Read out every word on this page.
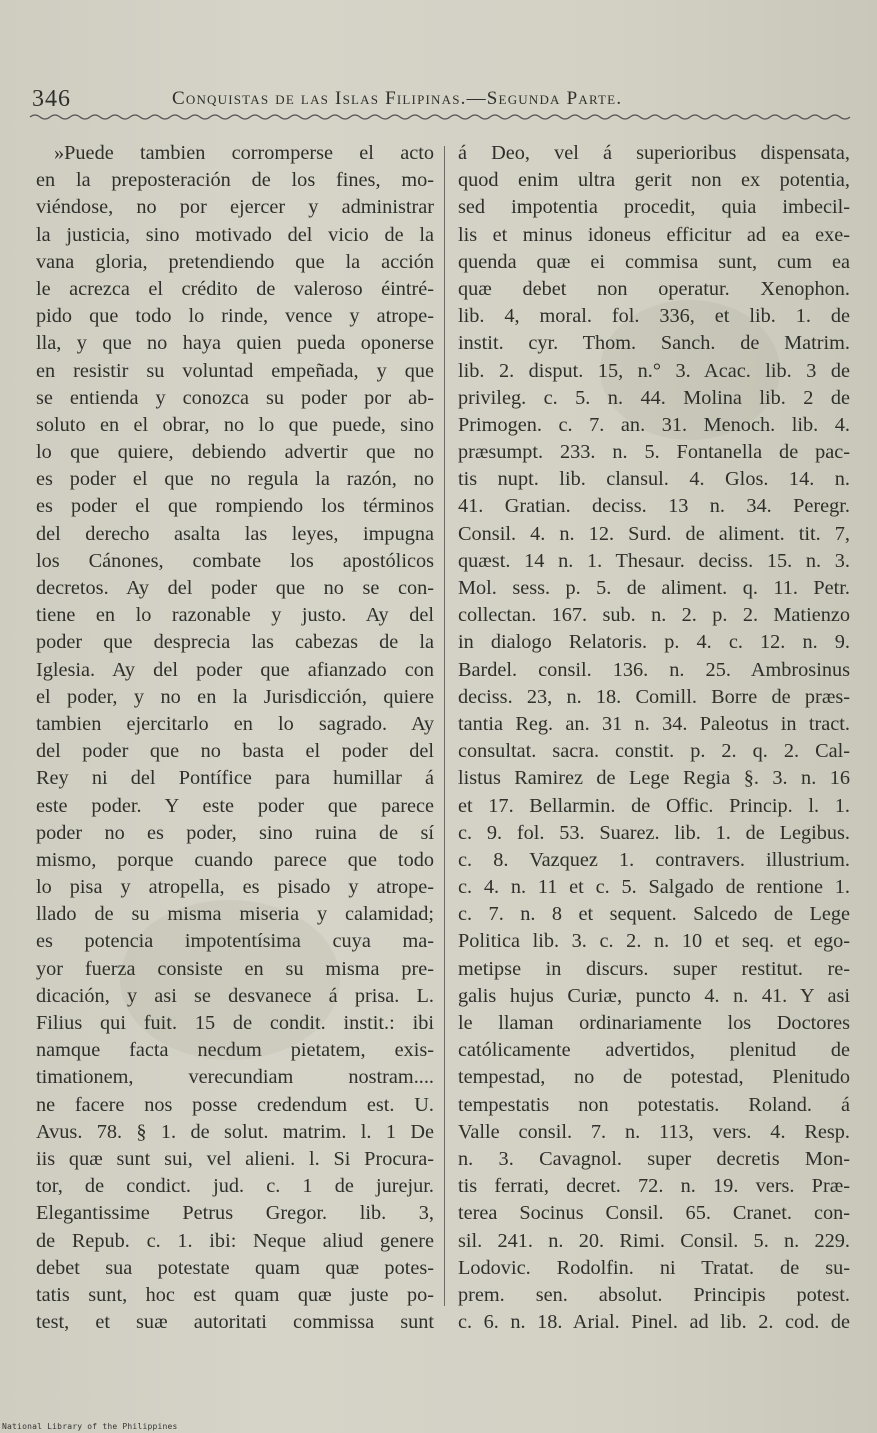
346	Conquistas de las Islas Filipinas.—Segunda Parte.
»Puede tambien corromperse el acto
en la preposteración de los fines, mo-
viéndose, no por ejercer y administrar
la justicia, sino motivado del vicio de la
vana gloria, pretendiendo que la acción
le acrezca el crédito de valeroso éintré-
pido que todo lo rinde, vence y atrope-
lla, y que no haya quien pueda oponerse
en resistir su voluntad empeñada, y que
se entienda y conozca su poder por ab-
soluto en el obrar, no lo que puede, sino
lo que quiere, debiendo advertir que no
es poder el que no regula la razón, no
es poder el que rompiendo los términos
del derecho asalta las leyes, impugna
los Cánones, combate los apostólicos
decretos. Ay del poder que no se con-
tiene en lo razonable y justo. Ay del
poder que desprecia las cabezas de la
Iglesia. Ay del poder que afianzado con
el poder, y no en la Jurisdicción, quiere
tambien ejercitarlo en lo sagrado. Ay
del poder que no basta el poder del
Rey ni del Pontífice para humillar á
este poder. Y este poder que parece
poder no es poder, sino ruina de sí
mismo, porque cuando parece que todo
lo pisa y atropella, es pisado y atrope-
llado de su misma miseria y calamidad;
es potencia impotentísima cuya ma-
yor fuerza consiste en su misma pre-
dicación, y asi se desvanece á prisa. L.
Filius qui fuit. 15 de condit. instit.: ibi
namque facta necdum pietatem, exis-
timationem, verecundiam nostram....
ne facere nos posse credendum est. U.
Avus. 78. § 1. de solut. matrim. l. 1 De
iis quæ sunt sui, vel alieni. l. Si Procura-
tor, de condict. jud. c. 1 de jurejur.
Elegantissime Petrus Gregor. lib. 3,
de Repub. c. 1. ibi: Neque aliud genere
debet sua potestate quam quæ potes-
tatis sunt, hoc est quam quæ juste po-
test, et suæ autoritati commissa sunt
á Deo, vel á superioribus dispensata,
quod enim ultra gerit non ex potentia,
sed impotentia procedit, quia imbecil-
lis et minus idoneus efficitur ad ea exe-
quenda quæ ei commisa sunt, cum ea
quæ debet non operatur. Xenophon.
lib. 4, moral. fol. 336, et lib. 1. de
instit. cyr. Thom. Sanch. de Matrim.
lib. 2. disput. 15, n.° 3. Acac. lib. 3 de
privileg. c. 5. n. 44. Molina lib. 2 de
Primogen. c. 7. an. 31. Menoch. lib. 4.
præsumpt. 233. n. 5. Fontanella de pac-
tis nupt. lib. clansul. 4. Glos. 14. n.
41. Gratian. deciss. 13 n. 34. Peregr.
Consil. 4. n. 12. Surd. de aliment. tit. 7,
quæst. 14 n. 1. Thesaur. deciss. 15. n. 3.
Mol. sess. p. 5. de aliment. q. 11. Petr.
collectan. 167. sub. n. 2. p. 2. Matienzo
in dialogo Relatoris. p. 4. c. 12. n. 9.
Bardel. consil. 136. n. 25. Ambrosinus
deciss. 23, n. 18. Comill. Borre de præs-
tantia Reg. an. 31 n. 34. Paleotus in tract.
consultat. sacra. constit. p. 2. q. 2. Cal-
listus Ramirez de Lege Regia §. 3. n. 16
et 17. Bellarmin. de Offic. Princip. l. 1.
c. 9. fol. 53. Suarez. lib. 1. de Legibus.
c. 8. Vazquez 1. contravers. illustrium.
c. 4. n. 11 et c. 5. Salgado de rentione 1.
c. 7. n. 8 et sequent. Salcedo de Lege
Politica lib. 3. c. 2. n. 10 et seq. et ego-
metipse in discurs. super restitut. re-
galis hujus Curiæ, puncto 4. n. 41. Y asi
le llaman ordinariamente los Doctores
católicamente advertidos, plenitud de
tempestad, no de potestad, Plenitudo
tempestatis non potestatis. Roland. á
Valle consil. 7. n. 113, vers. 4. Resp.
n. 3. Cavagnol. super decretis Mon-
tis ferrati, decret. 72. n. 19. vers. Præ-
terea Socinus Consil. 65. Cranet. con-
sil. 241. n. 20. Rimi. Consil. 5. n. 229.
Lodovic. Rodolfin. ni Tratat. de su-
prem. sen. absolut. Principis potest.
c. 6. n. 18. Arial. Pinel. ad lib. 2. cod. de
National Library of the Philippines
